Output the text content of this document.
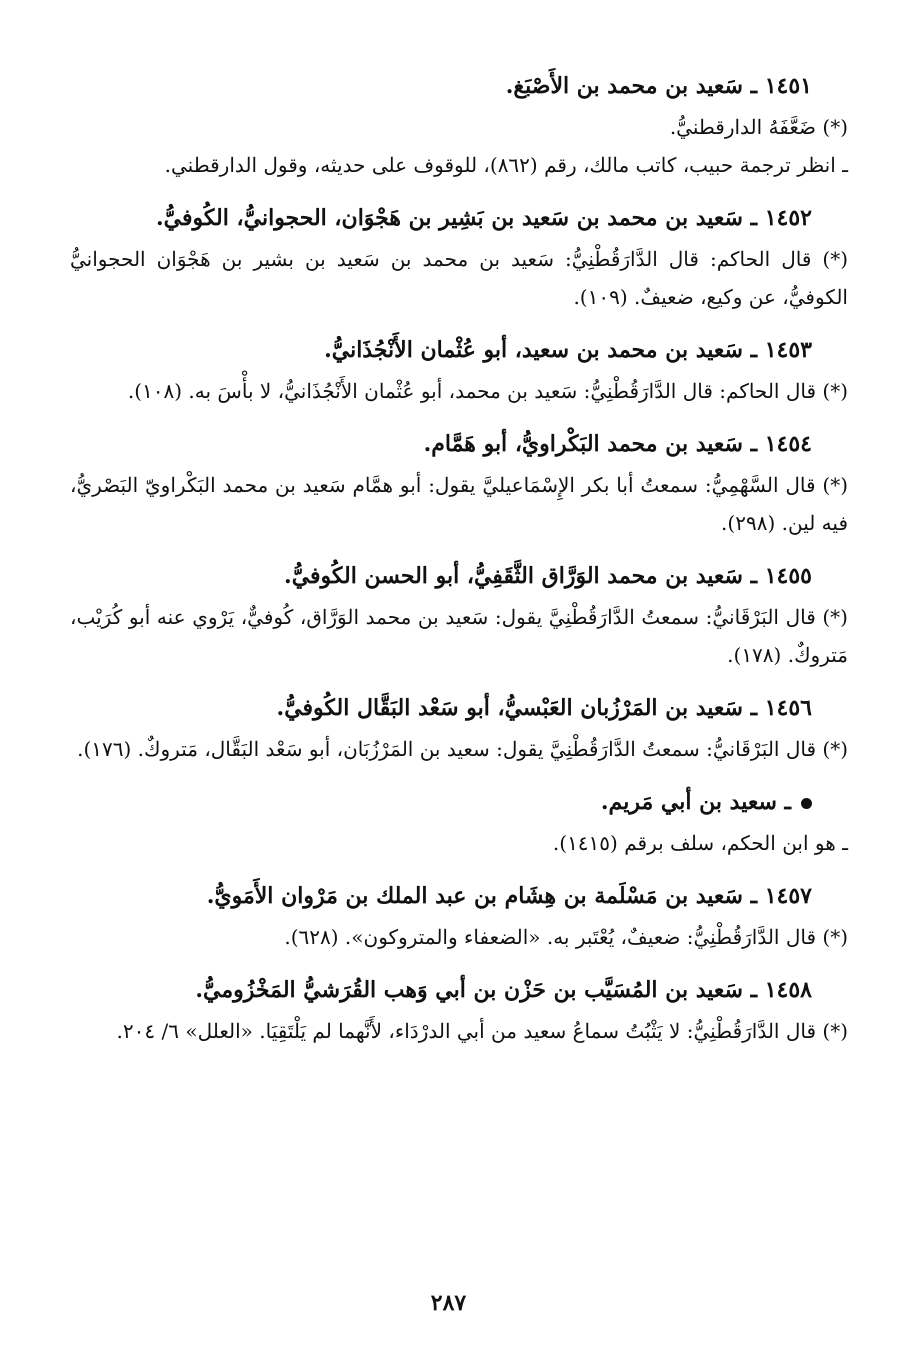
١٤٥١ ـ سَعيد بن محمد بن الأَصْبَغ.

(*) ضَعَّفَهُ الدارقطنيُّ.

ـ انظر ترجمة حبيب، كاتب مالك، رقم (٨٦٢)، للوقوف على حديثه، وقول الدارقطني.

١٤٥٢ ـ سَعيد بن محمد بن سَعيد بن بَشِير بن هَجْوَان، الحجوانيُّ، الكُوفيُّ.

(*) قال الحاكم: قال الدَّارَقُطْنِيُّ: سَعيد بن محمد بن سَعيد بن بشير بن هَجْوَان الحجوانيُّ الكوفيُّ، عن وكيع، ضعيفٌ. (١٠٩).

١٤٥٣ ـ سَعيد بن محمد بن سعيد، أبو عُثْمان الأَنْجُذَانيُّ.

(*) قال الحاكم: قال الدَّارَقُطْنِيُّ: سَعيد بن محمد، أبو عُثْمان الأَنْجُذَانيُّ، لا بأْسَ به. (١٠٨).

١٤٥٤ ـ سَعيد بن محمد البَكْراويُّ، أبو هَمَّام.

(*) قال السَّهْمِيُّ: سمعتُ أبا بكر الإِسْمَاعيليَّ يقول: أبو همَّام سَعيد بن محمد البَكْراويّ البَصْريُّ، فيه لين. (٢٩٨).

١٤٥٥ ـ سَعيد بن محمد الوَرَّاق الثَّقَفِيُّ، أبو الحسن الكُوفيُّ.

(*) قال البَرْقَانيُّ: سمعتُ الدَّارَقُطْنِيَّ يقول: سَعيد بن محمد الوَرَّاق، كُوفيٌّ، يَرْوي عنه أبو كُرَيْب، مَتروكٌ. (١٧٨).

١٤٥٦ ـ سَعيد بن المَرْزُبان العَبْسيُّ، أبو سَعْد البَقَّال الكُوفيُّ.

(*) قال البَرْقَانيُّ: سمعتُ الدَّارَقُطْنِيَّ يقول: سعيد بن المَرْزُبَان، أبو سَعْد البَقَّال، مَتروكٌ. (١٧٦).

ـ سعيد بن أبي مَريم.

ـ هو ابن الحكم، سلف برقم (١٤١٥).

١٤٥٧ ـ سَعيد بن مَسْلَمة بن هِشَام بن عبد الملك بن مَرْوان الأَمَويُّ.

(*) قال الدَّارَقُطْنِيُّ: ضعيفٌ، يُعْتَبر به. «الضعفاء والمتروكون». (٦٢٨).

١٤٥٨ ـ سَعيد بن المُسَيَّب بن حَزْن بن أبي وَهب القُرَشيُّ المَخْزُوميُّ.

(*) قال الدَّارَقُطْنِيُّ: لا يَثْبُتُ سماعُ سعيد من أبي الدرْدَاء، لأَنَّهما لم يَلْتَقِيَا. «العلل» ٦/ ٢٠٤.

٢٨٧
